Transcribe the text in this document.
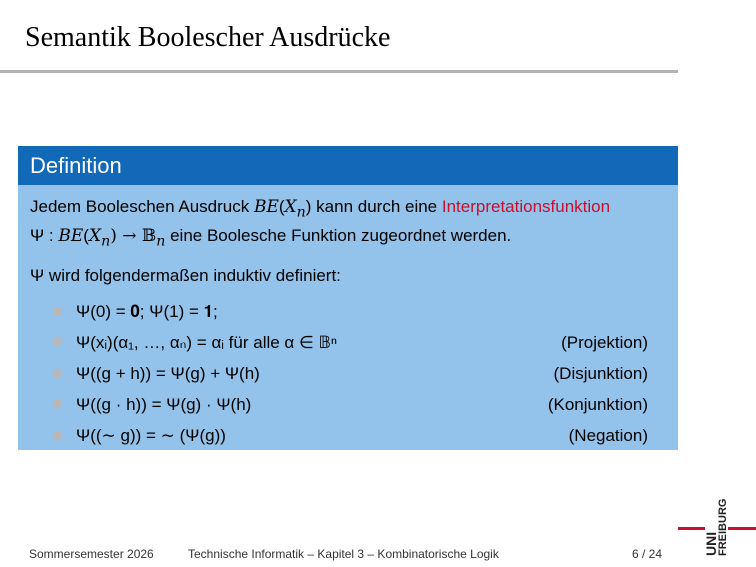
Semantik Boolescher Ausdrücke
Definition

Jedem Booleschen Ausdruck $BE(X_n)$ kann durch eine Interpretationsfunktion
Ψ : $BE(X_n)$ → 𝔹$_n$ eine Boolesche Funktion zugeordnet werden.

Ψ wird folgendermaßen induktiv definiert:

Ψ(0) = 𝟎; Ψ(1) = 𝟏;
Ψ(xᵢ)(α₁, …, αₙ) = αᵢ für alle α ∈ 𝔹ⁿ	(Projektion)
Ψ((g + h)) = Ψ(g) + Ψ(h)	(Disjunktion)
Ψ((g · h)) = Ψ(g) · Ψ(h)	(Konjunktion)
Ψ((∼ g)) = ∼ (Ψ(g))	(Negation)
Sommersemester 2026	Technische Informatik – Kapitel 3 – Kombinatorische Logik	6 / 24	UNI
FREIBURG
